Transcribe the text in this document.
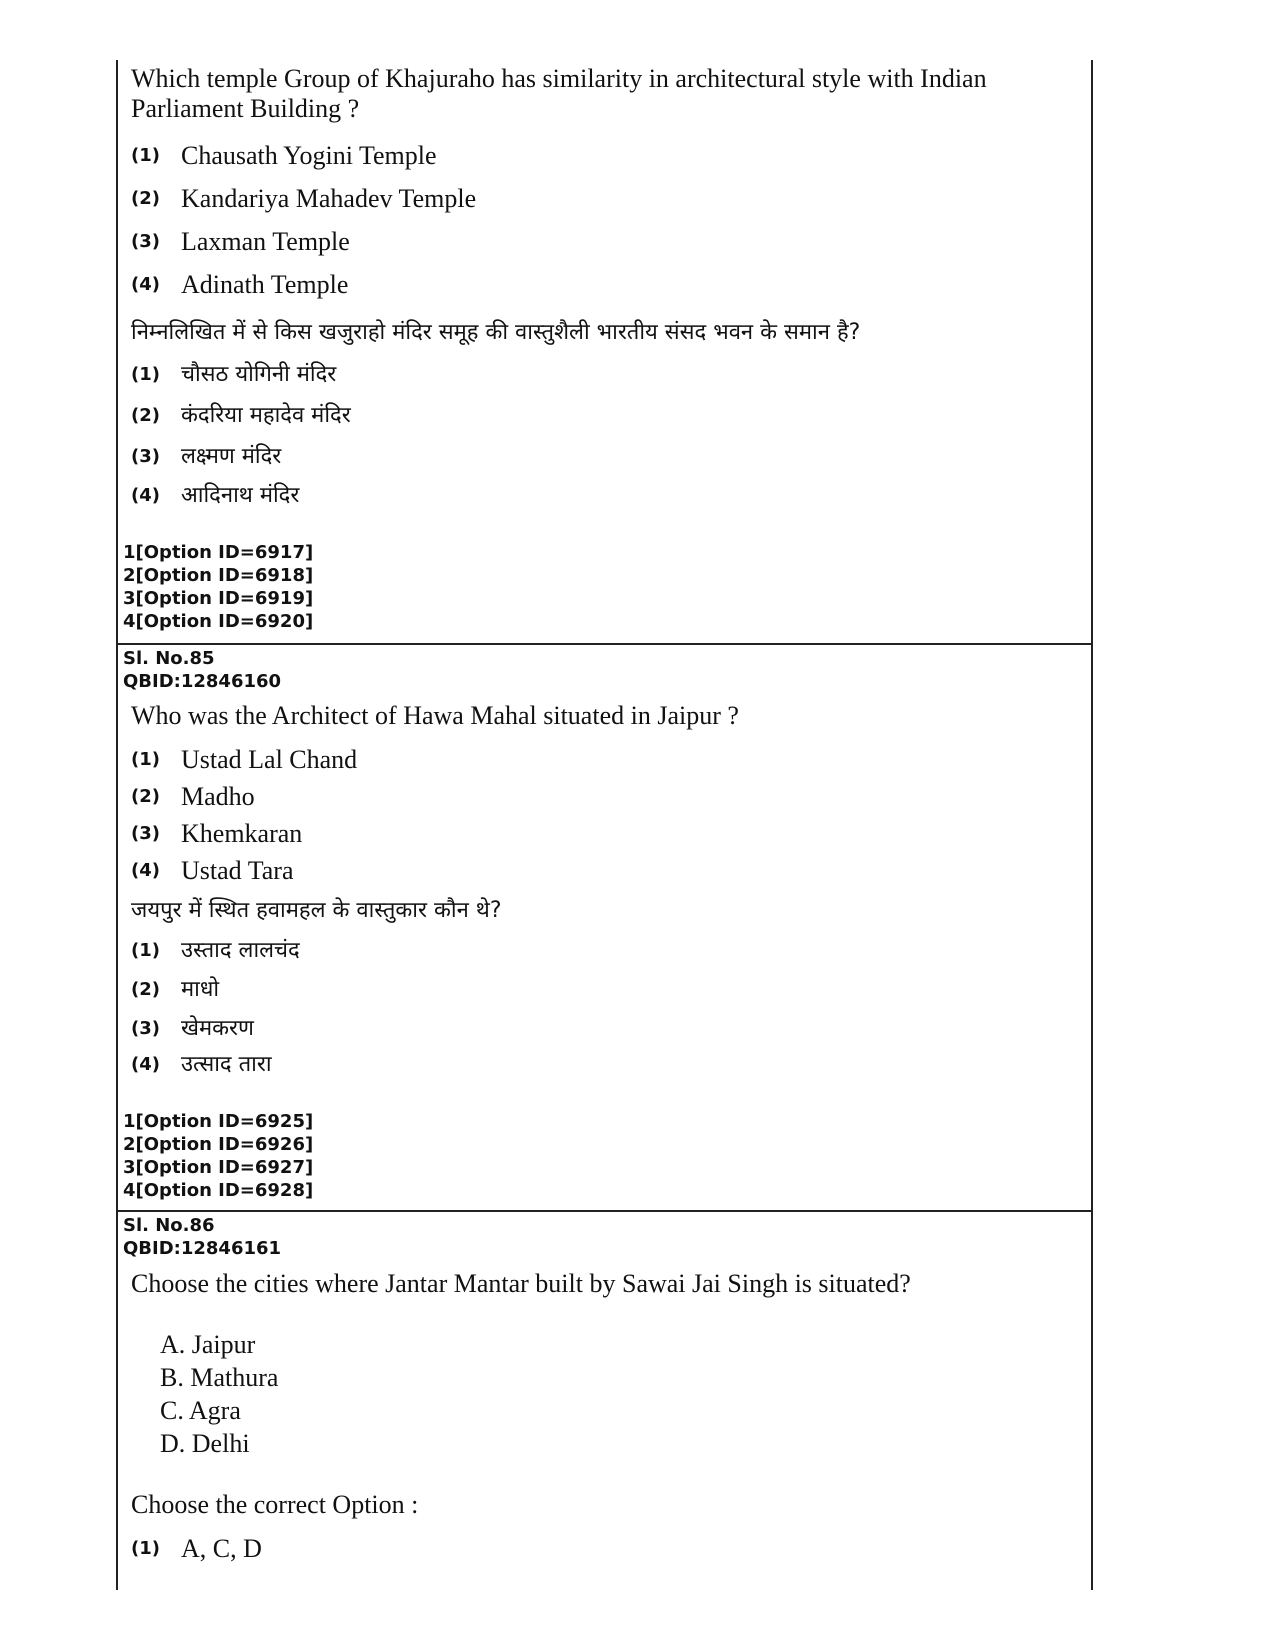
Which temple Group of Khajuraho has similarity in architectural style with Indian Parliament Building ?
(1) Chausath Yogini Temple
(2) Kandariya Mahadev Temple
(3) Laxman Temple
(4) Adinath Temple
निम्नलिखित में से किस खजुराहो मंदिर समूह की वास्तुशैली भारतीय संसद भवन के समान है?
(1) चौसठ योगिनी मंदिर
(2) कंदरिया महादेव मंदिर
(3) लक्ष्मण मंदिर
(4) आदिनाथ मंदिर
1[Option ID=6917]
2[Option ID=6918]
3[Option ID=6919]
4[Option ID=6920]
Sl. No.85
QBID:12846160
Who was the Architect of Hawa Mahal situated in Jaipur ?
(1) Ustad Lal Chand
(2) Madho
(3) Khemkaran
(4) Ustad Tara
जयपुर में स्थित हवामहल के वास्तुकार कौन थे?
(1) उस्ताद लालचंद
(2) माधो
(3) खेमकरण
(4) उत्साद तारा
1[Option ID=6925]
2[Option ID=6926]
3[Option ID=6927]
4[Option ID=6928]
Sl. No.86
QBID:12846161
Choose the cities where Jantar Mantar built by Sawai Jai Singh is situated?
A. Jaipur
B. Mathura
C. Agra
D. Delhi
Choose the correct Option :
(1) A, C, D
